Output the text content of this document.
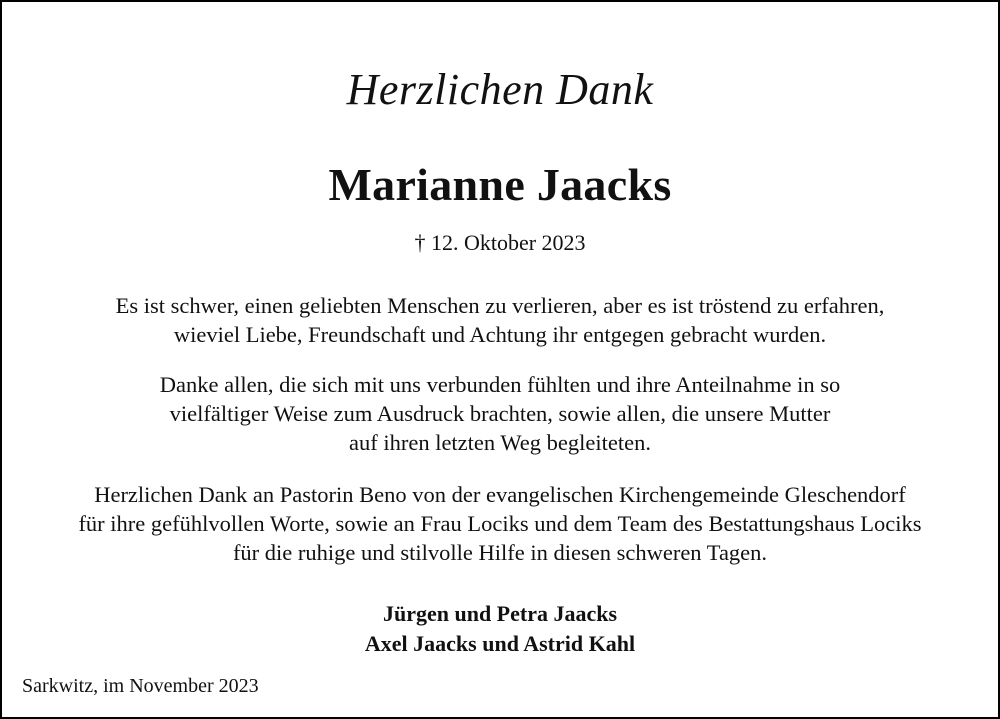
Herzlichen Dank
Marianne Jaacks
† 12. Oktober 2023
Es ist schwer, einen geliebten Menschen zu verlieren, aber es ist tröstend zu erfahren,
wieviel Liebe, Freundschaft und Achtung ihr entgegen gebracht wurden.
Danke allen, die sich mit uns verbunden fühlten und ihre Anteilnahme in so
vielfältiger Weise zum Ausdruck brachten, sowie allen, die unsere Mutter
auf ihren letzten Weg begleiteten.
Herzlichen Dank an Pastorin Beno von der evangelischen Kirchengemeinde Gleschendorf
für ihre gefühlvollen Worte, sowie an Frau Lociks und dem Team des Bestattungshaus Lociks
für die ruhige und stilvolle Hilfe in diesen schweren Tagen.
Jürgen und Petra Jaacks
Axel Jaacks und Astrid Kahl
Sarkwitz, im November 2023
